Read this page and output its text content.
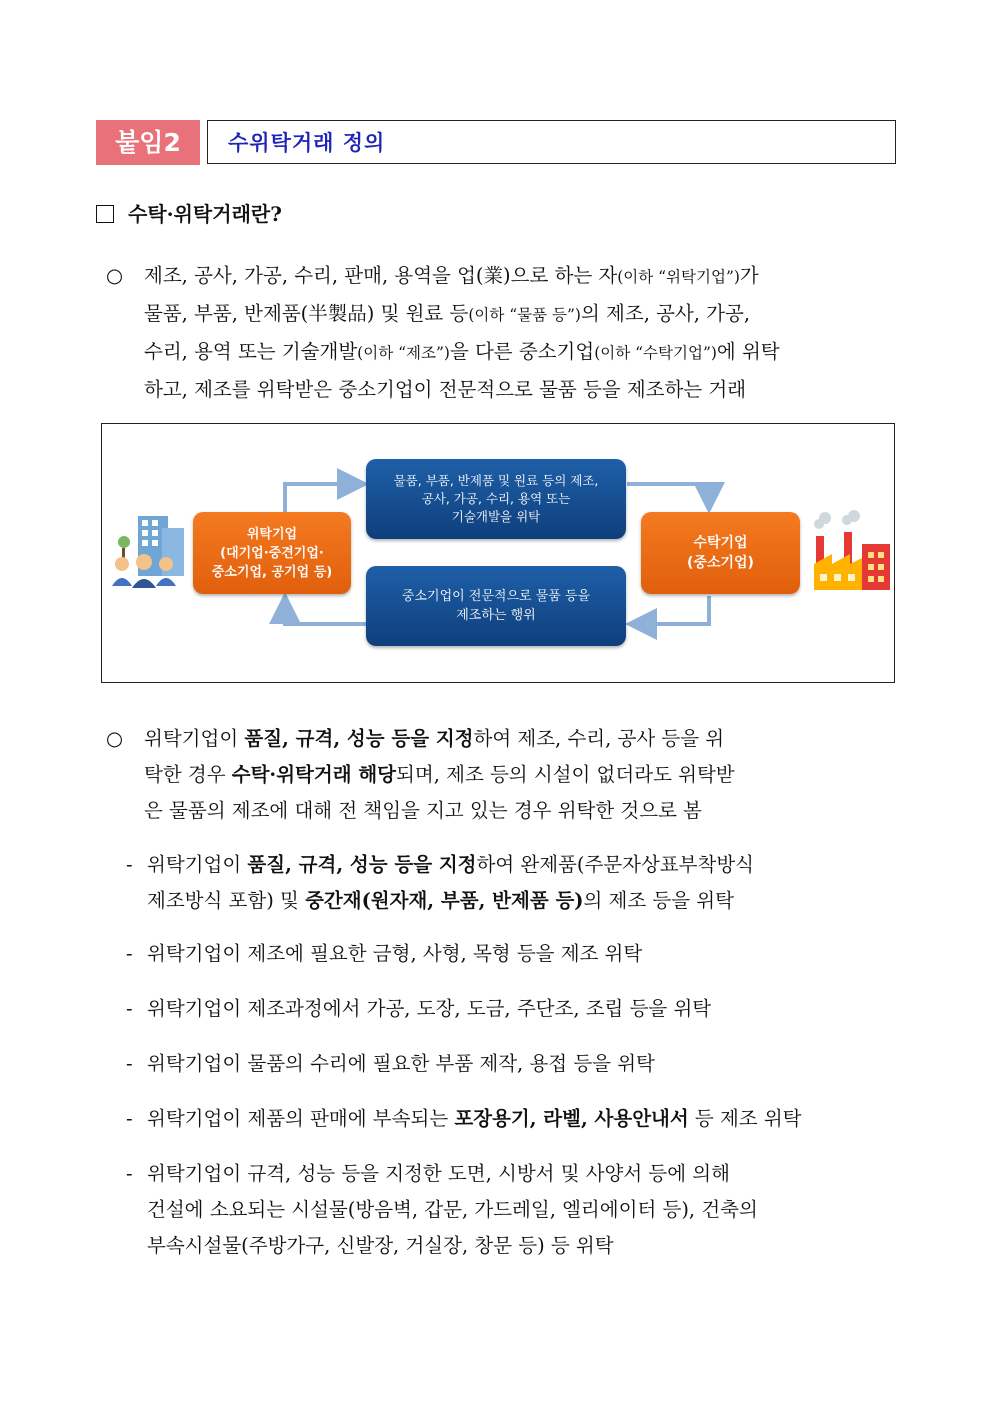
붙임2	수위탁거래 정의
수탁·위탁거래란?
○ 제조, 공사, 가공, 수리, 판매, 용역을 업(業)으로 하는 자(이하 “위탁기업”)가
물품, 부품, 반제품(半製品) 및 원료 등(이하 “물품 등”)의 제조, 공사, 가공,
수리, 용역 또는 기술개발(이하 “제조”)을 다른 중소기업(이하 “수탁기업”)에 위탁
하고, 제조를 위탁받은 중소기업이 전문적으로 물품 등을 제조하는 거래
위탁기업
(대기업·중견기업·
중소기업, 공기업 등)
물품, 부품, 반제품 및 원료 등의 제조,
공사, 가공, 수리, 용역 또는
기술개발을 위탁
수탁기업
(중소기업)
중소기업이 전문적으로 물품 등을
제조하는 행위
○ 위탁기업이 품질, 규격, 성능 등을 지정하여 제조, 수리, 공사 등을 위
탁한 경우 수탁·위탁거래 해당되며, 제조 등의 시설이 없더라도 위탁받
은 물품의 제조에 대해 전 책임을 지고 있는 경우 위탁한 것으로 봄
- 위탁기업이 품질, 규격, 성능 등을 지정하여 완제품(주문자상표부착방식
제조방식 포함) 및 중간재(원자재, 부품, 반제품 등)의 제조 등을 위탁
- 위탁기업이 제조에 필요한 금형, 사형, 목형 등을 제조 위탁
- 위탁기업이 제조과정에서 가공, 도장, 도금, 주단조, 조립 등을 위탁
- 위탁기업이 물품의 수리에 필요한 부품 제작, 용접 등을 위탁
- 위탁기업이 제품의 판매에 부속되는 포장용기, 라벨, 사용안내서 등 제조 위탁
- 위탁기업이 규격, 성능 등을 지정한 도면, 시방서 및 사양서 등에 의해
건설에 소요되는 시설물(방음벽, 갑문, 가드레일, 엘리에이터 등), 건축의
부속시설물(주방가구, 신발장, 거실장, 창문 등) 등 위탁
